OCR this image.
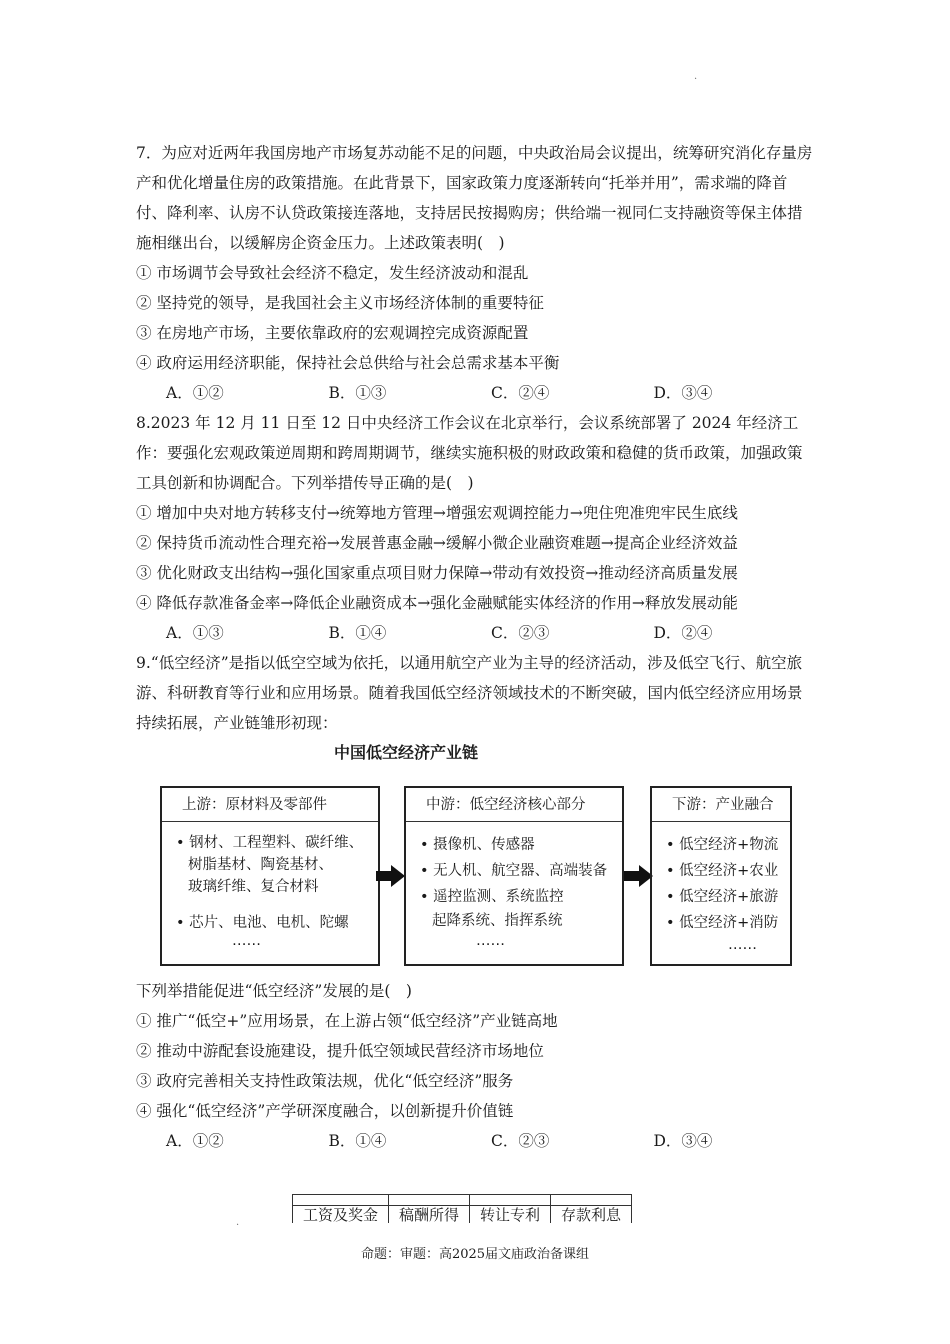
·
·

7．为应对近两年我国房地产市场复苏动能不足的问题，中央政治局会议提出，统筹研究消化存量房产和优化增量住房的政策措施。在此背景下，国家政策力度逐渐转向“托举并用”，需求端的降首付、降利率、认房不认贷政策接连落地，支持居民按揭购房；供给端一视同仁支持融资等保主体措施相继出台，以缓解房企资金压力。上述政策表明(　)

① 市场调节会导致社会经济不稳定，发生经济波动和混乱

② 坚持党的领导，是我国社会主义市场经济体制的重要特征

③ 在房地产市场，主要依靠政府的宏观调控完成资源配置

④ 政府运用经济职能，保持社会总供给与社会总需求基本平衡

A．①②	B．①③	C．②④	D．③④

8.2023 年 12 月 11 日至 12 日中央经济工作会议在北京举行，会议系统部署了 2024 年经济工作：要强化宏观政策逆周期和跨周期调节，继续实施积极的财政政策和稳健的货币政策，加强政策工具创新和协调配合。下列举措传导正确的是(　)

① 增加中央对地方转移支付→统筹地方管理→增强宏观调控能力→兜住兜准兜牢民生底线

② 保持货币流动性合理充裕→发展普惠金融→缓解小微企业融资难题→提高企业经济效益

③ 优化财政支出结构→强化国家重点项目财力保障→带动有效投资→推动经济高质量发展

④ 降低存款准备金率→降低企业融资成本→强化金融赋能实体经济的作用→释放发展动能

A．①③	B．①④	C．②③	D．②④

9.“低空经济”是指以低空空域为依托，以通用航空产业为主导的经济活动，涉及低空飞行、航空旅游、科研教育等行业和应用场景。随着我国低空经济领域技术的不断突破，国内低空经济应用场景持续拓展，产业链雏形初现：

中国低空经济产业链
上游：原材料及零部件
• 钢材、工程塑料、碳纤维、
树脂基材、陶瓷基材、
玻璃纤维、复合材料
• 芯片、电池、电机、陀螺
……
中游：低空经济核心部分
• 摄像机、传感器
• 无人机、航空器、高端装备
• 遥控监测、系统监控
起降系统、指挥系统
……
下游：产业融合
• 低空经济+物流
• 低空经济+农业
• 低空经济+旅游
• 低空经济+消防
……

下列举措能促进“低空经济”发展的是(　)

① 推广“低空+”应用场景，在上游占领“低空经济”产业链高地

② 推动中游配套设施建设，提升低空领域民营经济市场地位

③ 政府完善相关支持性政策法规，优化“低空经济”服务

④ 强化“低空经济”产学研深度融合，以创新提升价值链

A．①②	B．①④	C．②③	D．③④
工资及奖金	稿酬所得	转让专利	存款利息
命题：审题：高2025届文庙政治备课组
